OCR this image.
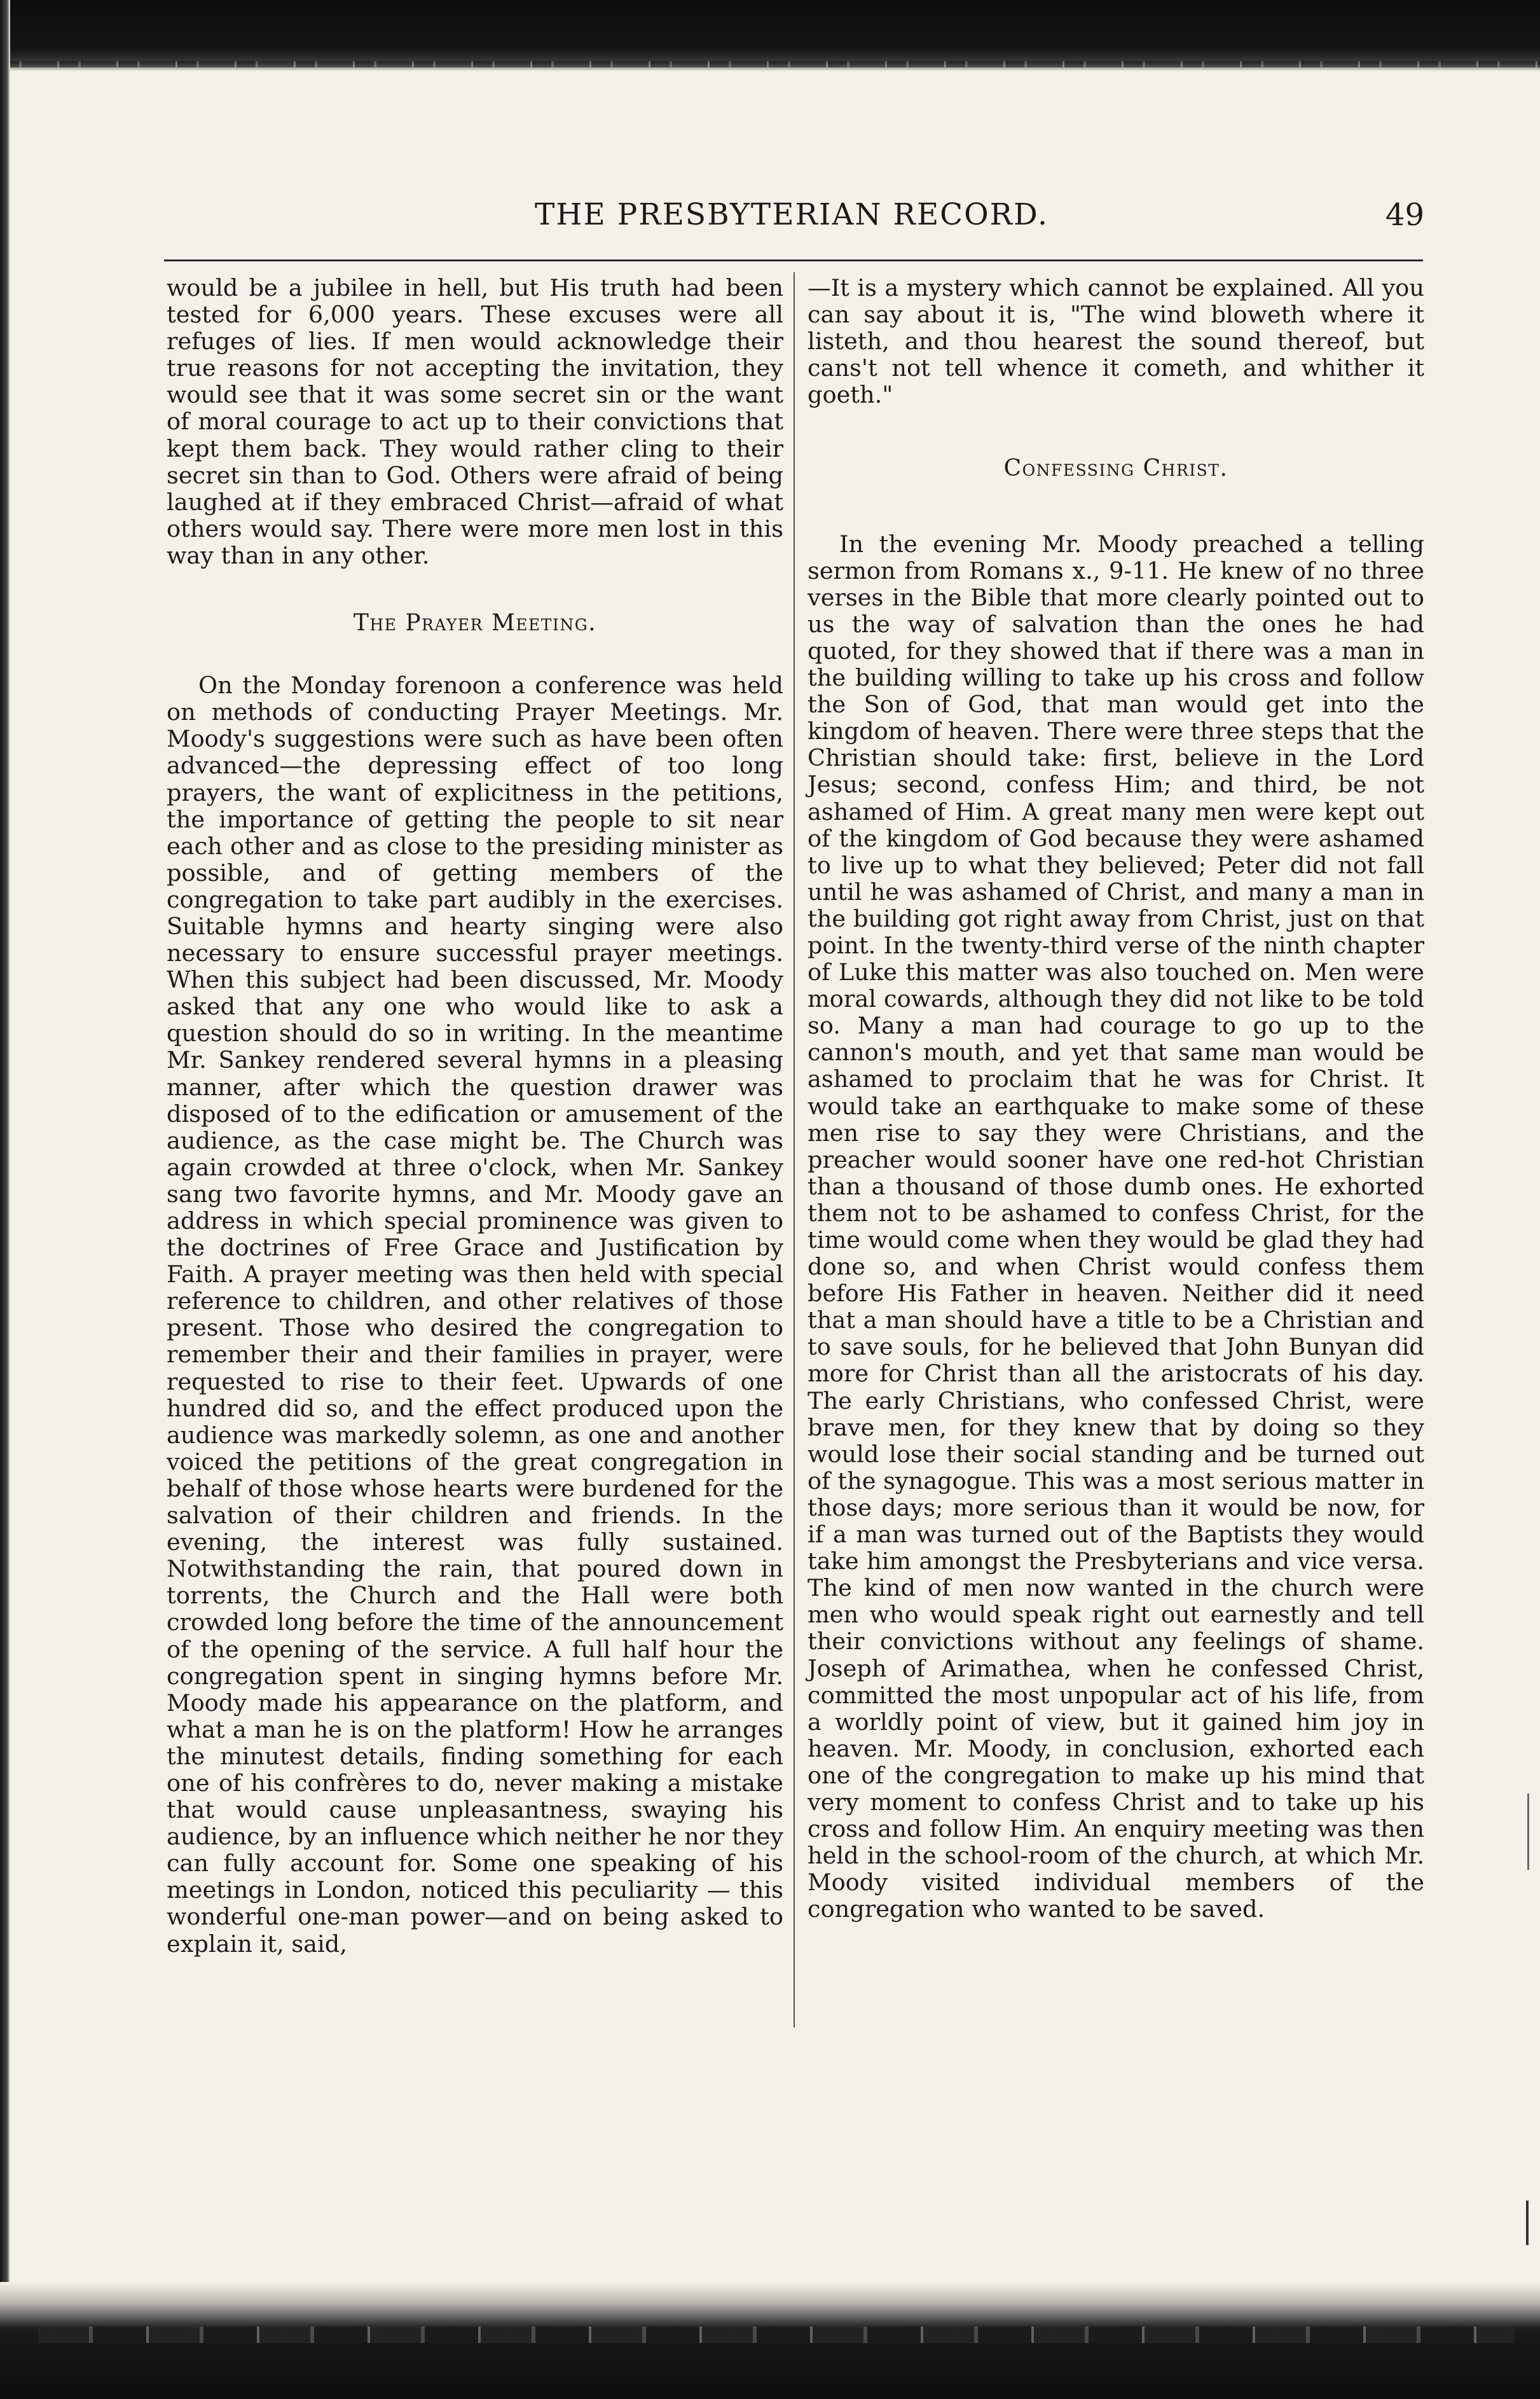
THE PRESBYTERIAN RECORD.	49

would be a jubilee in hell, but His truth had been tested for 6,000 years. These excuses were all refuges of lies. If men would acknowledge their true reasons for not accepting the invitation, they would see that it was some secret sin or the want of moral courage to act up to their convictions that kept them back. They would rather cling to their secret sin than to God. Others were afraid of being laughed at if they embraced Christ—afraid of what others would say. There were more men lost in this way than in any other.

The Prayer Meeting.

On the Monday forenoon a conference was held on methods of conducting Prayer Meetings. Mr. Moody's suggestions were such as have been often advanced—the depressing effect of too long prayers, the want of explicitness in the petitions, the importance of getting the people to sit near each other and as close to the presiding minister as possible, and of getting members of the congregation to take part audibly in the exercises. Suitable hymns and hearty singing were also necessary to ensure successful prayer meetings. When this subject had been discussed, Mr. Moody asked that any one who would like to ask a question should do so in writing. In the meantime Mr. Sankey rendered several hymns in a pleasing manner, after which the question drawer was disposed of to the edification or amusement of the audience, as the case might be. The Church was again crowded at three o'clock, when Mr. Sankey sang two favorite hymns, and Mr. Moody gave an address in which special prominence was given to the doctrines of Free Grace and Justification by Faith. A prayer meeting was then held with special reference to children, and other relatives of those present. Those who desired the congregation to remember their and their families in prayer, were requested to rise to their feet. Upwards of one hundred did so, and the effect produced upon the audience was markedly solemn, as one and another voiced the petitions of the great congregation in behalf of those whose hearts were burdened for the salvation of their children and friends. In the evening, the interest was fully sustained. Notwithstanding the rain, that poured down in torrents, the Church and the Hall were both crowded long before the time of the announcement of the opening of the service. A full half hour the congregation spent in singing hymns before Mr. Moody made his appearance on the platform, and what a man he is on the platform! How he arranges the minutest details, finding something for each one of his confrères to do, never making a mistake that would cause unpleasantness, swaying his audience, by an influence which neither he nor they can fully account for. Some one speaking of his meetings in London, noticed this peculiarity — this wonderful one-man power—and on being asked to explain it, said,

—It is a mystery which cannot be explained. All you can say about it is, "The wind bloweth where it listeth, and thou hearest the sound thereof, but cans't not tell whence it cometh, and whither it goeth."

Confessing Christ.

In the evening Mr. Moody preached a telling sermon from Romans x., 9-11. He knew of no three verses in the Bible that more clearly pointed out to us the way of salvation than the ones he had quoted, for they showed that if there was a man in the building willing to take up his cross and follow the Son of God, that man would get into the kingdom of heaven. There were three steps that the Christian should take: first, believe in the Lord Jesus; second, confess Him; and third, be not ashamed of Him. A great many men were kept out of the kingdom of God because they were ashamed to live up to what they believed; Peter did not fall until he was ashamed of Christ, and many a man in the building got right away from Christ, just on that point. In the twenty-third verse of the ninth chapter of Luke this matter was also touched on. Men were moral cowards, although they did not like to be told so. Many a man had courage to go up to the cannon's mouth, and yet that same man would be ashamed to proclaim that he was for Christ. It would take an earthquake to make some of these men rise to say they were Christians, and the preacher would sooner have one red-hot Christian than a thousand of those dumb ones. He exhorted them not to be ashamed to confess Christ, for the time would come when they would be glad they had done so, and when Christ would confess them before His Father in heaven. Neither did it need that a man should have a title to be a Christian and to save souls, for he believed that John Bunyan did more for Christ than all the aristocrats of his day. The early Christians, who confessed Christ, were brave men, for they knew that by doing so they would lose their social standing and be turned out of the synagogue. This was a most serious matter in those days; more serious than it would be now, for if a man was turned out of the Baptists they would take him amongst the Presbyterians and vice versa. The kind of men now wanted in the church were men who would speak right out earnestly and tell their convictions without any feelings of shame. Joseph of Arimathea, when he confessed Christ, committed the most unpopular act of his life, from a worldly point of view, but it gained him joy in heaven. Mr. Moody, in conclusion, exhorted each one of the congregation to make up his mind that very moment to confess Christ and to take up his cross and follow Him. An enquiry meeting was then held in the school-room of the church, at which Mr. Moody visited individual members of the congregation who wanted to be saved.
